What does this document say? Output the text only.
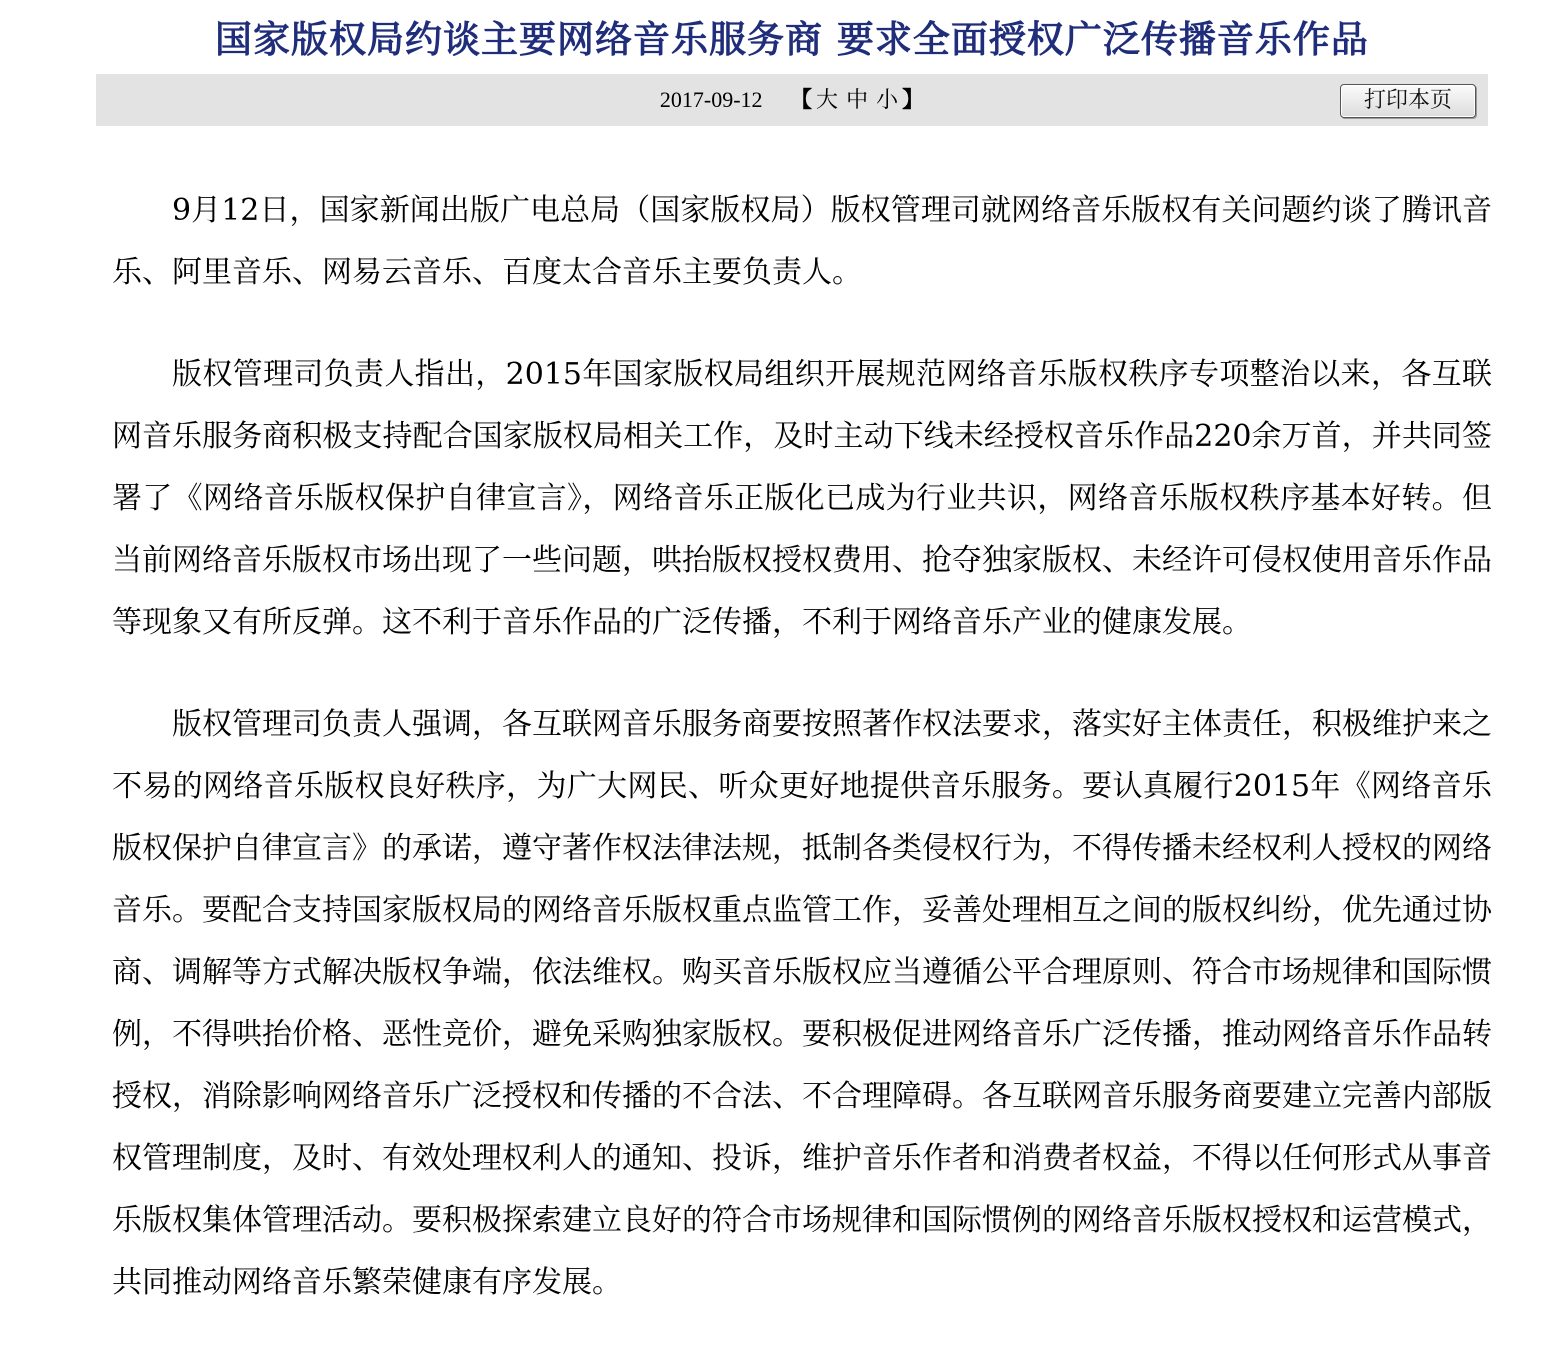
国家版权局约谈主要网络音乐服务商 要求全面授权广泛传播音乐作品
2017-09-12 【 大 中 小 】	打印本页

9月12日，国家新闻出版广电总局（国家版权局）版权管理司就网络音乐版权有关问题约谈了腾讯音乐、阿里音乐、网易云音乐、百度太合音乐主要负责人。

版权管理司负责人指出，2015年国家版权局组织开展规范网络音乐版权秩序专项整治以来，各互联网音乐服务商积极支持配合国家版权局相关工作，及时主动下线未经授权音乐作品220余万首，并共同签署了《网络音乐版权保护自律宣言》，网络音乐正版化已成为行业共识，网络音乐版权秩序基本好转。但当前网络音乐版权市场出现了一些问题，哄抬版权授权费用、抢夺独家版权、未经许可侵权使用音乐作品等现象又有所反弹。这不利于音乐作品的广泛传播，不利于网络音乐产业的健康发展。

版权管理司负责人强调，各互联网音乐服务商要按照著作权法要求，落实好主体责任，积极维护来之不易的网络音乐版权良好秩序，为广大网民、听众更好地提供音乐服务。要认真履行2015年《网络音乐版权保护自律宣言》的承诺，遵守著作权法律法规，抵制各类侵权行为，不得传播未经权利人授权的网络音乐。要配合支持国家版权局的网络音乐版权重点监管工作，妥善处理相互之间的版权纠纷，优先通过协商、调解等方式解决版权争端，依法维权。购买音乐版权应当遵循公平合理原则、符合市场规律和国际惯例，不得哄抬价格、恶性竞价，避免采购独家版权。要积极促进网络音乐广泛传播，推动网络音乐作品转授权，消除影响网络音乐广泛授权和传播的不合法、不合理障碍。各互联网音乐服务商要建立完善内部版权管理制度，及时、有效处理权利人的通知、投诉，维护音乐作者和消费者权益，不得以任何形式从事音乐版权集体管理活动。要积极探索建立良好的符合市场规律和国际惯例的网络音乐版权授权和运营模式，共同推动网络音乐繁荣健康有序发展。
